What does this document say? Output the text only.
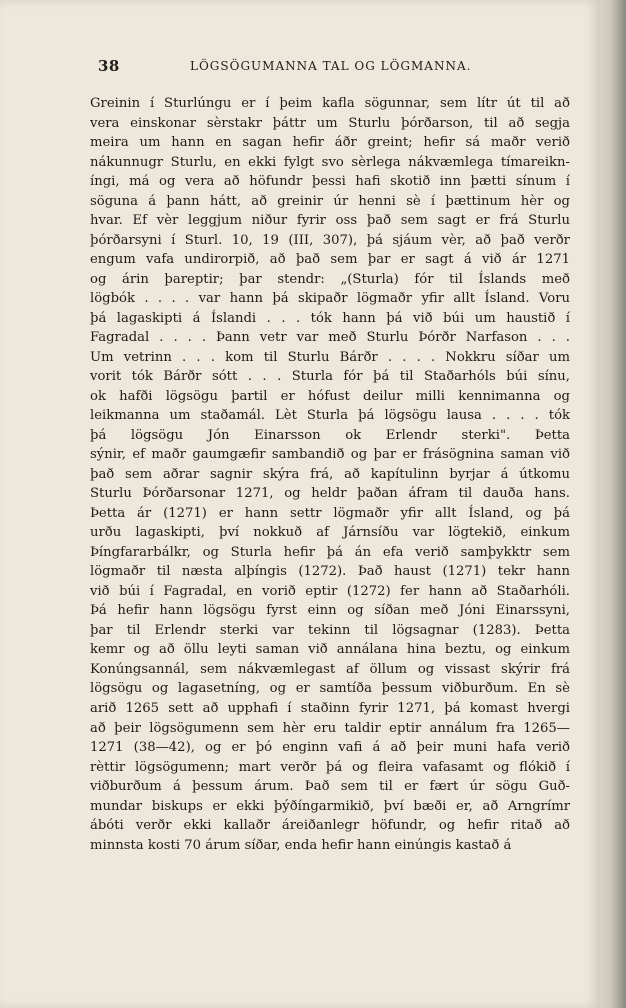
38	LÖGSÖGUMANNA TAL OG LÖGMANNA.
Greinin í Sturlúngu er í þeim kafla sögunnar, sem lítr út til að
vera einskonar sèrstakr þáttr um Sturlu þórðarson, til að segja
meira um hann en sagan hefir áðr greint; hefir sá maðr verið
nákunnugr Sturlu, en ekki fylgt svo sèrlega nákvæmlega tímareikn-
íngi, má og vera að höfundr þessi hafi skotið inn þætti sínum í
söguna á þann hátt, að greinir úr henni sè í þættinum hèr og
hvar. Ef vèr leggjum niður fyrir oss það sem sagt er frá Sturlu
þórðarsyni í Sturl. 10, 19 (III, 307), þá sjáum vèr, að það verðr
engum vafa undirorpið, að það sem þar er sagt á við ár 1271
og árin þareptir; þar stendr: „(Sturla) fór til Íslands með
lögbók . . . . var hann þá skipaðr lögmaðr yfir allt Ísland. Voru
þá lagaskipti á Íslandi . . . tók hann þá við búi um haustið í
Fagradal . . . . Þann vetr var með Sturlu Þórðr Narfason . . .
Um vetrinn . . . kom til Sturlu Bárðr . . . . Nokkru síðar um
vorit tók Bárðr sótt . . . Sturla fór þá til Staðarhóls búi sínu,
ok hafði lögsögu þartil er hófust deilur milli kennimanna og
leikmanna um staðamál. Lèt Sturla þá lögsögu lausa . . . . tók
þá lögsögu Jón Einarsson ok Erlendr sterki". Þetta
sýnir, ef maðr gaumgæfir sambandið og þar er frásögnina saman við
það sem aðrar sagnir skýra frá, að kapítulinn byrjar á útkomu
Sturlu Þórðarsonar 1271, og heldr þaðan áfram til dauða hans.
Þetta ár (1271) er hann settr lögmaðr yfir allt Ísland, og þá
urðu lagaskipti, því nokkuð af Járnsíðu var lögtekið, einkum
Þíngfararbálkr, og Sturla hefir þá án efa verið samþykktr sem
lögmaðr til næsta alþíngis (1272). Það haust (1271) tekr hann
við búi í Fagradal, en vorið eptir (1272) fer hann að Staðarhóli.
Þá hefir hann lögsögu fyrst einn og síðan með Jóni Einarssyni,
þar til Erlendr sterki var tekinn til lögsagnar (1283). Þetta
kemr og að öllu leyti saman við annálana hina beztu, og einkum
Konúngsannál, sem nákvæmlegast af öllum og vissast skýrir frá
lögsögu og lagasetníng, og er samtíða þessum viðburðum. En sè
arið 1265 sett að upphafi í staðinn fyrir 1271, þá komast hvergi
að þeir lögsögumenn sem hèr eru taldir eptir annálum fra 1265—
1271 (38—42), og er þó enginn vafi á að þeir muni hafa verið
rèttir lögsögumenn; mart verðr þá og fleira vafasamt og flókið í
viðburðum á þessum árum. Það sem til er fært úr sögu Guð-
mundar biskups er ekki þýðíngarmikið, því bæði er, að Arngrímr
ábóti verðr ekki kallaðr áreiðanlegr höfundr, og hefir ritað að
minnsta kosti 70 árum síðar, enda hefir hann einúngis kastað á
